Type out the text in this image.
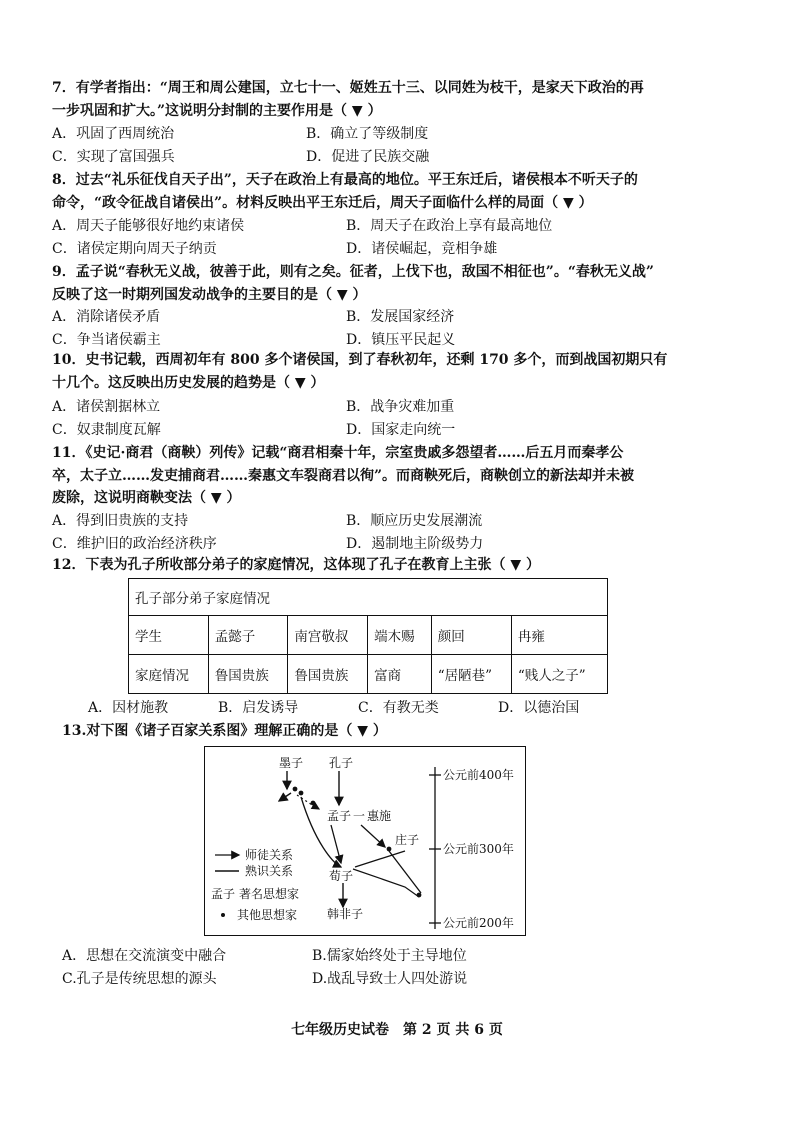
7．有学者指出：“周王和周公建国，立七十一、姬姓五十三、以同姓为枝干，是家天下政治的再
一步巩固和扩大。”这说明分封制的主要作用是（ ▼ ）
A．巩固了西周统治	B．确立了等级制度
C．实现了富国强兵	D．促进了民族交融
8．过去“礼乐征伐自天子出”，天子在政治上有最高的地位。平王东迁后，诸侯根本不听天子的
命令，“政令征战自诸侯出”。材料反映出平王东迁后，周天子面临什么样的局面（ ▼ ）
A．周天子能够很好地约束诸侯	B．周天子在政治上享有最高地位
C．诸侯定期向周天子纳贡	D．诸侯崛起，竞相争雄
9．孟子说“春秋无义战，彼善于此，则有之矣。征者，上伐下也，敌国不相征也”。“春秋无义战”
反映了这一时期列国发动战争的主要目的是（ ▼ ）
A．消除诸侯矛盾	B．发展国家经济
C．争当诸侯霸主	D．镇压平民起义
10．史书记载，西周初年有 800 多个诸侯国，到了春秋初年，还剩 170 多个，而到战国初期只有
十几个。这反映出历史发展的趋势是（ ▼ ）
A．诸侯割据林立	B．战争灾难加重
C．奴隶制度瓦解	D．国家走向统一
11．《史记·商君（商鞅）列传》记载“商君相秦十年，宗室贵戚多怨望者……后五月而秦孝公
卒，太子立……发吏捕商君……秦惠文车裂商君以徇”。而商鞅死后，商鞅创立的新法却并未被
废除，这说明商鞅变法（ ▼ ）
A．得到旧贵族的支持	B．顺应历史发展潮流
C．维护旧的政治经济秩序	D．遏制地主阶级势力
12．下表为孔子所收部分弟子的家庭情况，这体现了孔子在教育上主张（ ▼ ）
孔子部分弟子家庭情况					
学生	孟懿子	南宫敬叔	端木赐	颜回	冉雍
家庭情况	鲁国贵族	鲁国贵族	富商	“居陋巷”	“贱人之子”
A．因材施教	B．启发诱导	C．有教无类	D．以德治国
13.对下图《诸子百家关系图》理解正确的是（ ▼ ）
墨子 孔子
孟子 一 惠施
庄子
荀子
韩非子
师徒关系
熟识关系
孟子 著名思想家
其他思想家
公元前400年
公元前300年
公元前200年
A．思想在交流演变中融合	B.儒家始终处于主导地位
C.孔子是传统思想的源头	D.战乱导致士人四处游说
七年级历史试卷　第 2 页 共 6 页
